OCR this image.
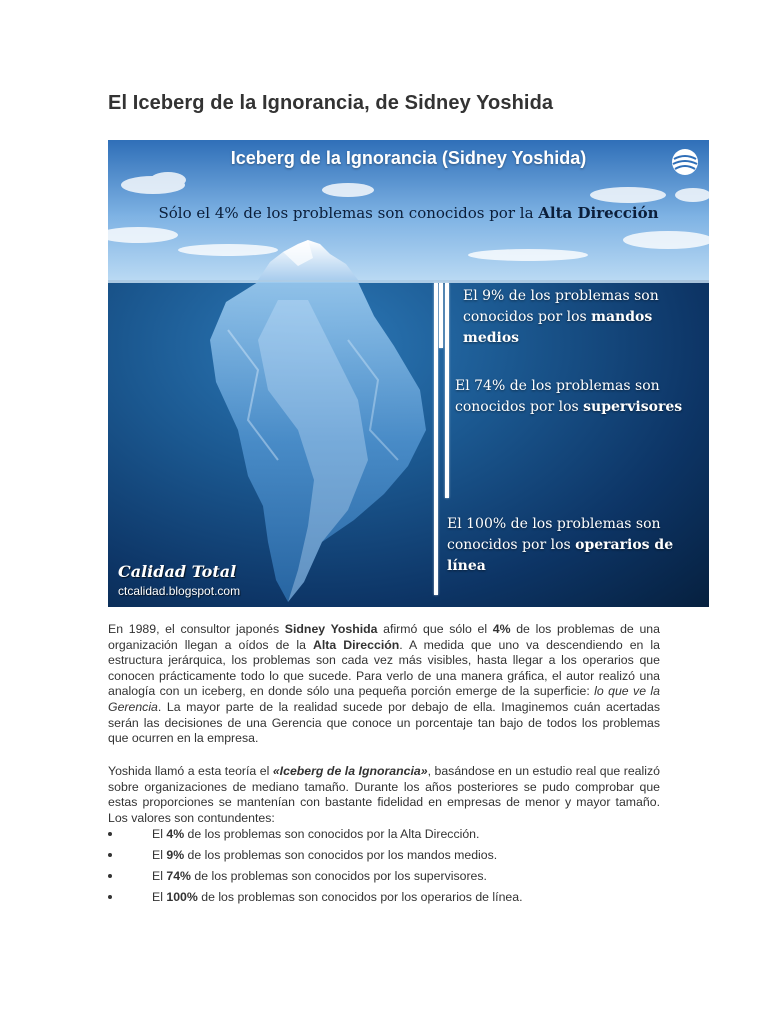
El Iceberg de la Ignorancia, de Sidney Yoshida
Iceberg de la Ignorancia (Sidney Yoshida)
Sólo el 4% de los problemas son conocidos por la Alta Dirección
El 9% de los problemas son
conocidos por los mandos medios
El 74% de los problemas son
conocidos por los supervisores
El 100% de los problemas son
conocidos por los operarios de
línea
Calidad Total
ctcalidad.blogspot.com

En 1989, el consultor japonés Sidney Yoshida afirmó que sólo el 4% de los problemas de una organización llegan a oídos de la Alta Dirección. A medida que uno va descendiendo en la estructura jerárquica, los problemas son cada vez más visibles, hasta llegar a los operarios que conocen prácticamente todo lo que sucede. Para verlo de una manera gráfica, el autor realizó una analogía con un iceberg, en donde sólo una pequeña porción emerge de la superficie: lo que ve la Gerencia. La mayor parte de la realidad sucede por debajo de ella. Imaginemos cuán acertadas serán las decisiones de una Gerencia que conoce un porcentaje tan bajo de todos los problemas que ocurren en la empresa.

Yoshida llamó a esta teoría el «Iceberg de la Ignorancia», basándose en un estudio real que realizó sobre organizaciones de mediano tamaño. Durante los años posteriores se pudo comprobar que estas proporciones se mantenían con bastante fidelidad en empresas de menor y mayor tamaño. Los valores son contundentes:

El 4% de los problemas son conocidos por la Alta Dirección.
El 9% de los problemas son conocidos por los mandos medios.
El 74% de los problemas son conocidos por los supervisores.
El 100% de los problemas son conocidos por los operarios de línea.
